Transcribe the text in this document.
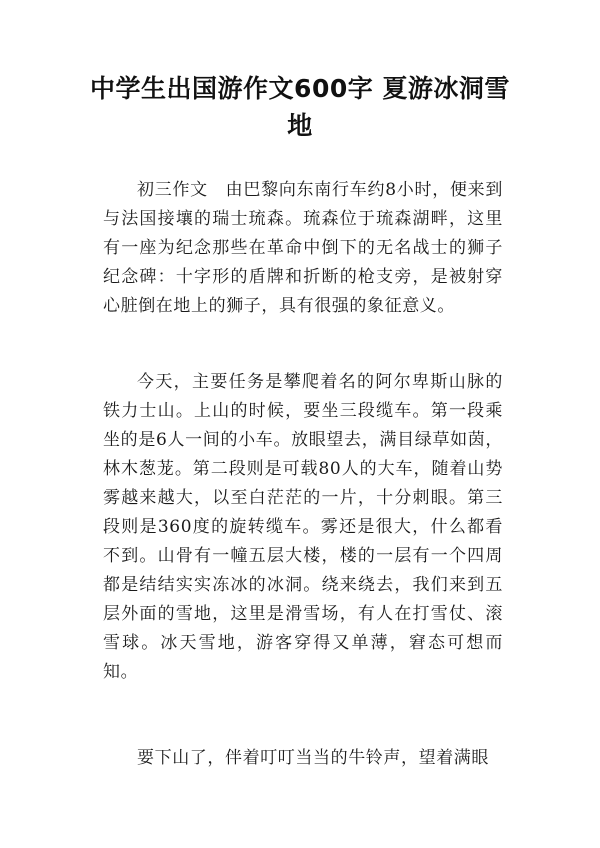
中学生出国游作文600字 夏游冰洞雪地

初三作文　由巴黎向东南行车约8小时，便来到与法国接壤的瑞士琉森。琉森位于琉森湖畔，这里有一座为纪念那些在革命中倒下的无名战士的狮子纪念碑：十字形的盾牌和折断的枪支旁，是被射穿心脏倒在地上的狮子，具有很强的象征意义。

今天，主要任务是攀爬着名的阿尔卑斯山脉的铁力士山。上山的时候，要坐三段缆车。第一段乘坐的是6人一间的小车。放眼望去，满目绿草如茵，林木葱茏。第二段则是可载80人的大车，随着山势雾越来越大，以至白茫茫的一片，十分刺眼。第三段则是360度的旋转缆车。雾还是很大，什么都看不到。山骨有一幢五层大楼，楼的一层有一个四周都是结结实实冻冰的冰洞。绕来绕去，我们来到五层外面的雪地，这里是滑雪场，有人在打雪仗、滚雪球。冰天雪地，游客穿得又单薄，窘态可想而知。

要下山了，伴着叮叮当当的牛铃声，望着满眼
